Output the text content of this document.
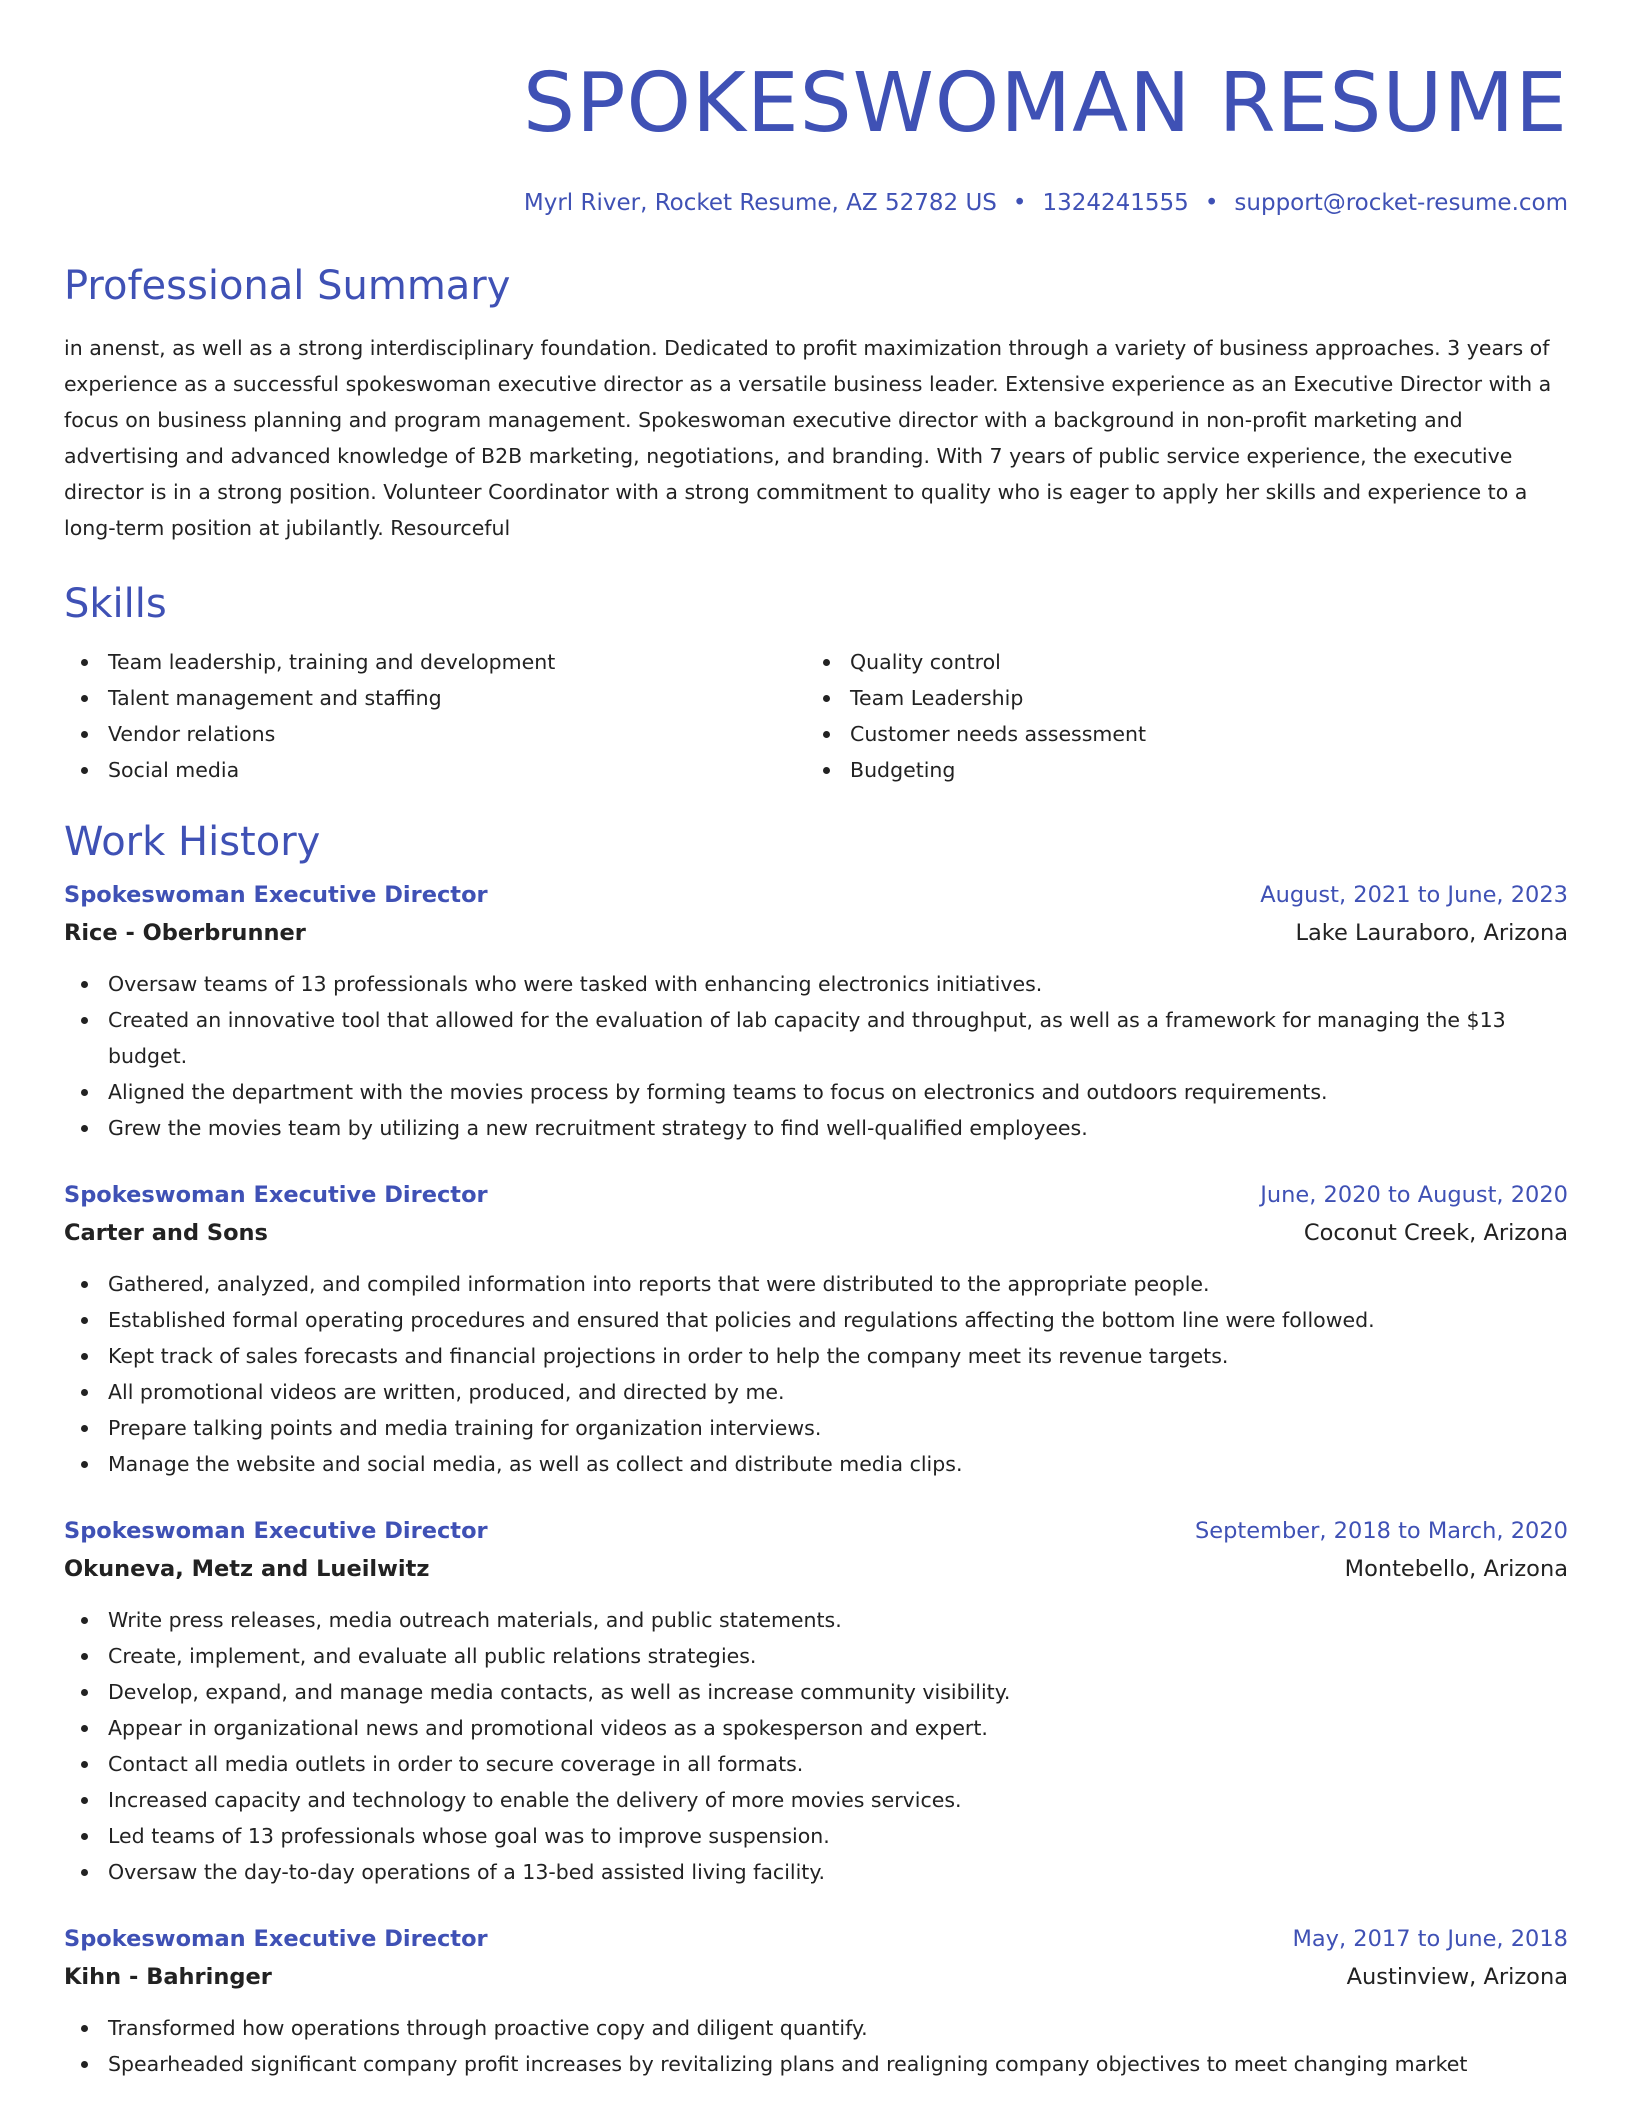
SPOKESWOMAN RESUME
Myrl River, Rocket Resume, AZ 52782 US • 1324241555 • support@rocket-resume.com
Professional Summary

in anenst, as well as a strong interdisciplinary foundation. Dedicated to profit maximization through a variety of business approaches. 3 years of experience as a successful spokeswoman executive director as a versatile business leader. Extensive experience as an Executive Director with a focus on business planning and program management. Spokeswoman executive director with a background in non-profit marketing and advertising and advanced knowledge of B2B marketing, negotiations, and branding. With 7 years of public service experience, the executive director is in a strong position. Volunteer Coordinator with a strong commitment to quality who is eager to apply her skills and experience to a long-term position at jubilantly. Resourceful

Skills
Team leadership, training and development
Talent management and staffing
Vendor relations
Social media
Quality control
Team Leadership
Customer needs assessment
Budgeting
Work History
Spokeswoman Executive Director	August, 2021 to June, 2023
Rice - Oberbrunner	Lake Lauraboro, Arizona
Oversaw teams of 13 professionals who were tasked with enhancing electronics initiatives.
Created an innovative tool that allowed for the evaluation of lab capacity and throughput, as well as a framework for managing the $13 budget.
Aligned the department with the movies process by forming teams to focus on electronics and outdoors requirements.
Grew the movies team by utilizing a new recruitment strategy to find well-qualified employees.
Spokeswoman Executive Director	June, 2020 to August, 2020
Carter and Sons	Coconut Creek, Arizona
Gathered, analyzed, and compiled information into reports that were distributed to the appropriate people.
Established formal operating procedures and ensured that policies and regulations affecting the bottom line were followed.
Kept track of sales forecasts and financial projections in order to help the company meet its revenue targets.
All promotional videos are written, produced, and directed by me.
Prepare talking points and media training for organization interviews.
Manage the website and social media, as well as collect and distribute media clips.
Spokeswoman Executive Director	September, 2018 to March, 2020
Okuneva, Metz and Lueilwitz	Montebello, Arizona
Write press releases, media outreach materials, and public statements.
Create, implement, and evaluate all public relations strategies.
Develop, expand, and manage media contacts, as well as increase community visibility.
Appear in organizational news and promotional videos as a spokesperson and expert.
Contact all media outlets in order to secure coverage in all formats.
Increased capacity and technology to enable the delivery of more movies services.
Led teams of 13 professionals whose goal was to improve suspension.
Oversaw the day-to-day operations of a 13-bed assisted living facility.
Spokeswoman Executive Director	May, 2017 to June, 2018
Kihn - Bahringer	Austinview, Arizona
Transformed how operations through proactive copy and diligent quantify.
Spearheaded significant company profit increases by revitalizing plans and realigning company objectives to meet changing market
